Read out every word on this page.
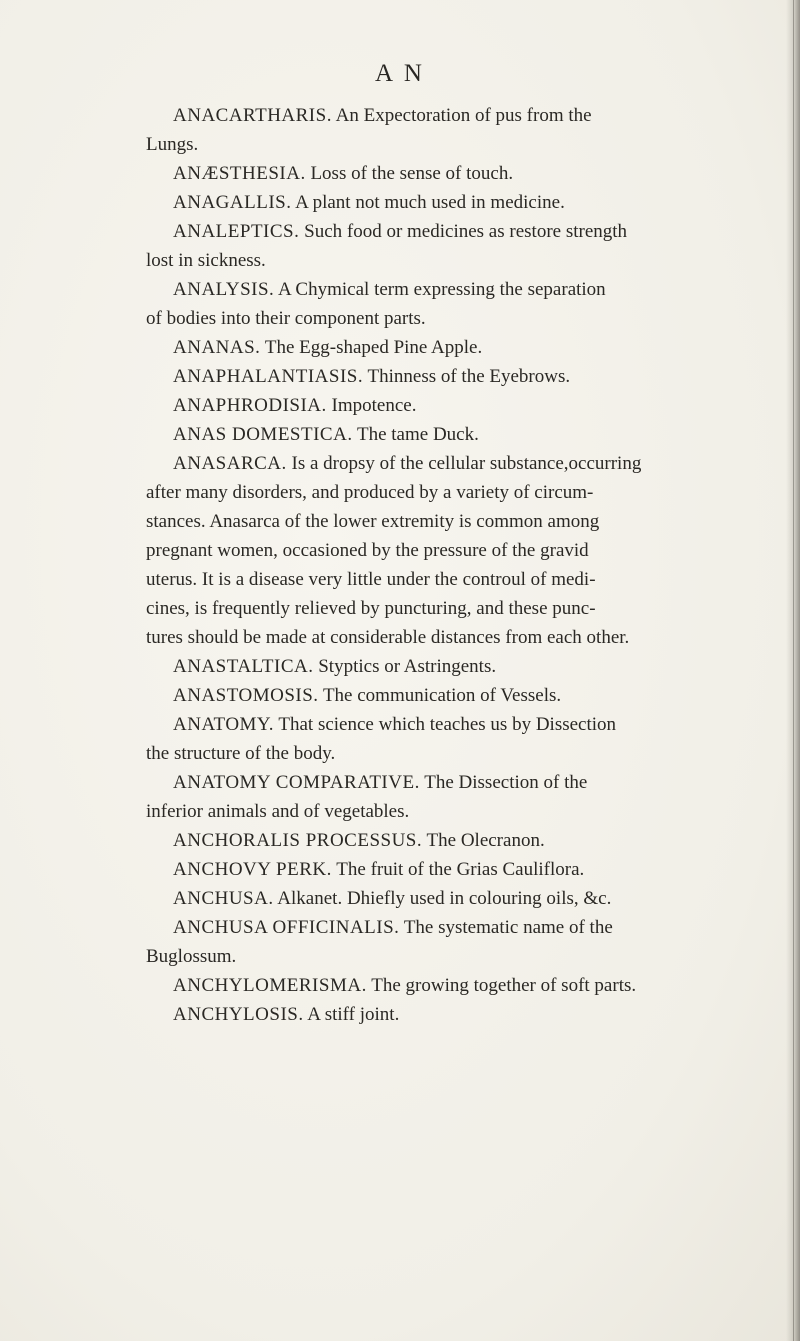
A N
ANACARTHARIS. An Expectoration of pus from the
Lungs.
ANÆSTHESIA. Loss of the sense of touch.
ANAGALLIS. A plant not much used in medicine.
ANALEPTICS. Such food or medicines as restore strength
lost in sickness.
ANALYSIS. A Chymical term expressing the separation
of bodies into their component parts.
ANANAS. The Egg-shaped Pine Apple.
ANAPHALANTIASIS. Thinness of the Eyebrows.
ANAPHRODISIA. Impotence.
ANAS DOMESTICA. The tame Duck.
ANASARCA. Is a dropsy of the cellular substance,occurring
after many disorders, and produced by a variety of circum-
stances. Anasarca of the lower extremity is common among
pregnant women, occasioned by the pressure of the gravid
uterus. It is a disease very little under the controul of medi-
cines, is frequently relieved by puncturing, and these punc-
tures should be made at considerable distances from each other.
ANASTALTICA. Styptics or Astringents.
ANASTOMOSIS. The communication of Vessels.
ANATOMY. That science which teaches us by Dissection
the structure of the body.
ANATOMY COMPARATIVE. The Dissection of the
inferior animals and of vegetables.
ANCHORALIS PROCESSUS. The Olecranon.
ANCHOVY PERK. The fruit of the Grias Cauliflora.
ANCHUSA. Alkanet. Dhiefly used in colouring oils, &c.
ANCHUSA OFFICINALIS. The systematic name of the
Buglossum.
ANCHYLOMERISMA. The growing together of soft parts.
ANCHYLOSIS. A stiff joint.
